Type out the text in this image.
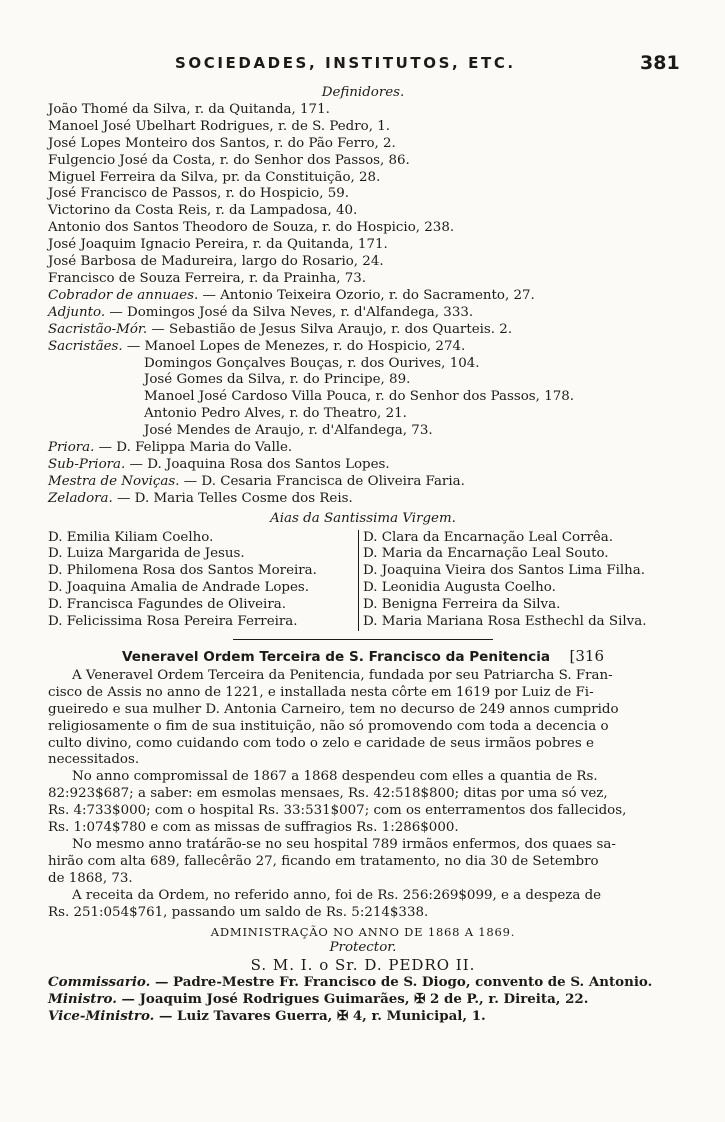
SOCIEDADES, INSTITUTOS, ETC.	381
Definidores.
João Thomé da Silva, r. da Quitanda, 171.
Manoel José Ubelhart Rodrigues, r. de S. Pedro, 1.
José Lopes Monteiro dos Santos, r. do Pão Ferro, 2.
Fulgencio José da Costa, r. do Senhor dos Passos, 86.
Miguel Ferreira da Silva, pr. da Constituição, 28.
José Francisco de Passos, r. do Hospicio, 59.
Victorino da Costa Reis, r. da Lampadosa, 40.
Antonio dos Santos Theodoro de Souza, r. do Hospicio, 238.
José Joaquim Ignacio Pereira, r. da Quitanda, 171.
José Barbosa de Madureira, largo do Rosario, 24.
Francisco de Souza Ferreira, r. da Prainha, 73.
Cobrador de annuaes. — Antonio Teixeira Ozorio, r. do Sacramento, 27.
Adjunto. — Domingos José da Silva Neves, r. d'Alfandega, 333.
Sacristão-Mór. — Sebastião de Jesus Silva Araujo, r. dos Quarteis. 2.
Sacristães. — Manoel Lopes de Menezes, r. do Hospicio, 274.
Domingos Gonçalves Bouças, r. dos Ourives, 104.
José Gomes da Silva, r. do Principe, 89.
Manoel José Cardoso Villa Pouca, r. do Senhor dos Passos, 178.
Antonio Pedro Alves, r. do Theatro, 21.
José Mendes de Araujo, r. d'Alfandega, 73.
Priora. — D. Felippa Maria do Valle.
Sub-Priora. — D. Joaquina Rosa dos Santos Lopes.
Mestra de Noviças. — D. Cesaria Francisca de Oliveira Faria.
Zeladora. — D. Maria Telles Cosme dos Reis.
Aias da Santissima Virgem.
D. Emilia Kiliam Coelho.
D. Luiza Margarida de Jesus.
D. Philomena Rosa dos Santos Moreira.
D. Joaquina Amalia de Andrade Lopes.
D. Francisca Fagundes de Oliveira.
D. Felicissima Rosa Pereira Ferreira.
D. Clara da Encarnação Leal Corrêa.
D. Maria da Encarnação Leal Souto.
D. Joaquina Vieira dos Santos Lima Filha.
D. Leonidia Augusta Coelho.
D. Benigna Ferreira da Silva.
D. Maria Mariana Rosa Esthechl da Silva.
Veneravel Ordem Terceira de S. Francisco da Penitencia [316
A Veneravel Ordem Terceira da Penitencia, fundada por seu Patriarcha S. Fran-
cisco de Assis no anno de 1221, e installada nesta côrte em 1619 por Luiz de Fi-
gueiredo e sua mulher D. Antonia Carneiro, tem no decurso de 249 annos cumprido
religiosamente o fim de sua instituição, não só promovendo com toda a decencia o
culto divino, como cuidando com todo o zelo e caridade de seus irmãos pobres e
necessitados.
No anno compromissal de 1867 a 1868 despendeu com elles a quantia de Rs.
82:923$687; a saber: em esmolas mensaes, Rs. 42:518$800; ditas por uma só vez,
Rs. 4:733$000; com o hospital Rs. 33:531$007; com os enterramentos dos fallecidos,
Rs. 1:074$780 e com as missas de suffragios Rs. 1:286$000.
No mesmo anno tratárão-se no seu hospital 789 irmãos enfermos, dos quaes sa-
hirão com alta 689, fallecêrão 27, ficando em tratamento, no dia 30 de Setembro
de 1868, 73.
A receita da Ordem, no referido anno, foi de Rs. 256:269$099, e a despeza de
Rs. 251:054$761, passando um saldo de Rs. 5:214$338.
ADMINISTRAÇÃO NO ANNO DE 1868 A 1869.
Protector.
S. M. I. o Sr. D. PEDRO II.
Commissario. — Padre-Mestre Fr. Francisco de S. Diogo, convento de S. Antonio.
Ministro. — Joaquim José Rodrigues Guimarães, ✠ 2 de P., r. Direita, 22.
Vice-Ministro. — Luiz Tavares Guerra, ✠ 4, r. Municipal, 1.
